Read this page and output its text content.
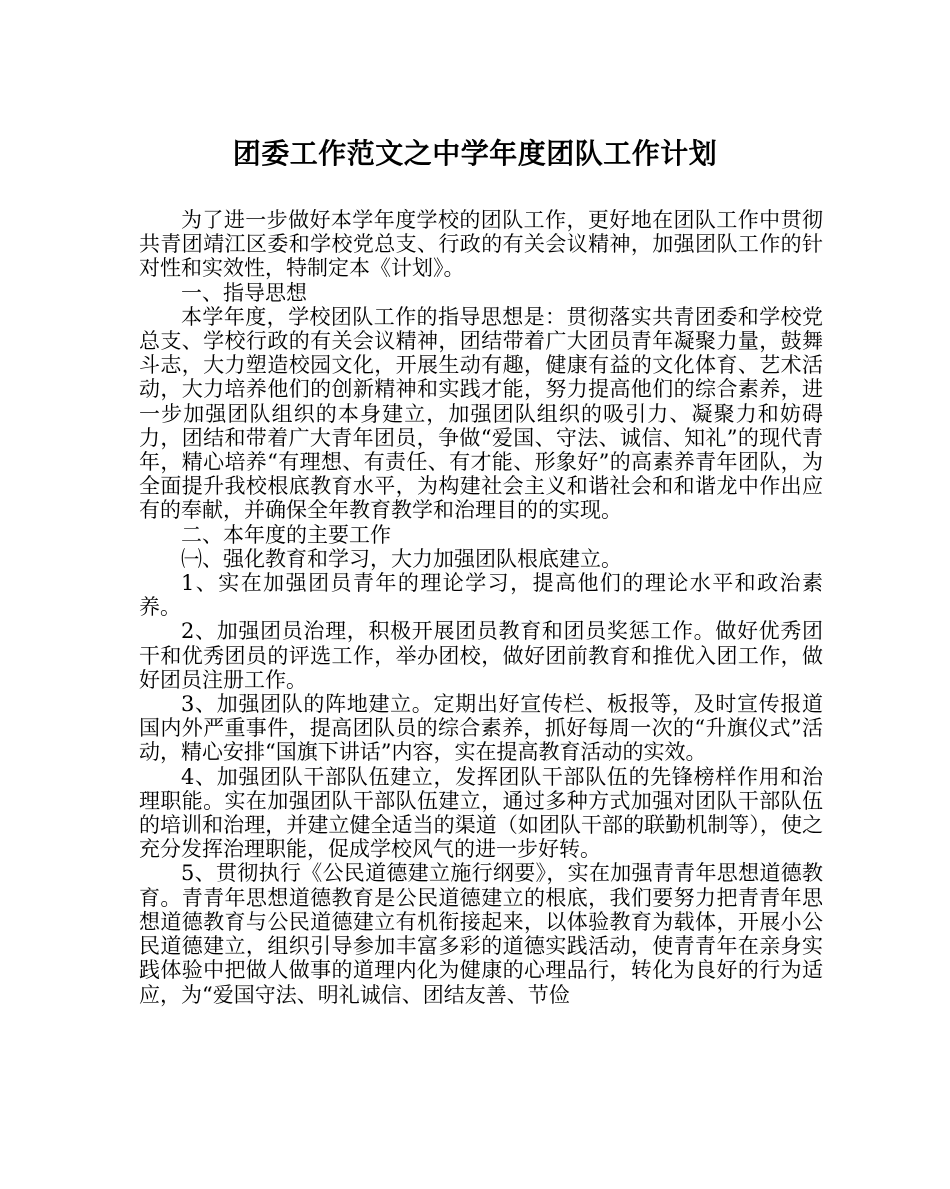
团委工作范文之中学年度团队工作计划

为了进一步做好本学年度学校的团队工作，更好地在团队工作中贯彻共青团靖江区委和学校党总支、行政的有关会议精神，加强团队工作的针对性和实效性，特制定本《计划》。

一、指导思想

本学年度，学校团队工作的指导思想是：贯彻落实共青团委和学校党总支、学校行政的有关会议精神，团结带着广大团员青年凝聚力量，鼓舞斗志，大力塑造校园文化，开展生动有趣，健康有益的文化体育、艺术活动，大力培养他们的创新精神和实践才能，努力提高他们的综合素养，进一步加强团队组织的本身建立，加强团队组织的吸引力、凝聚力和妨碍力，团结和带着广大青年团员，争做“爱国、守法、诚信、知礼”的现代青年，精心培养“有理想、有责任、有才能、形象好”的高素养青年团队，为全面提升我校根底教育水平，为构建社会主义和谐社会和和谐龙中作出应有的奉献，并确保全年教育教学和治理目的的实现。

二、本年度的主要工作

㈠、强化教育和学习，大力加强团队根底建立。

1、实在加强团员青年的理论学习，提高他们的理论水平和政治素养。

2、加强团员治理，积极开展团员教育和团员奖惩工作。做好优秀团干和优秀团员的评选工作，举办团校，做好团前教育和推优入团工作，做好团员注册工作。

3、加强团队的阵地建立。定期出好宣传栏、板报等，及时宣传报道国内外严重事件，提高团队员的综合素养，抓好每周一次的“升旗仪式”活动，精心安排“国旗下讲话”内容，实在提高教育活动的实效。

4、加强团队干部队伍建立，发挥团队干部队伍的先锋榜样作用和治理职能。实在加强团队干部队伍建立，通过多种方式加强对团队干部队伍的培训和治理，并建立健全适当的渠道（如团队干部的联勤机制等），使之充分发挥治理职能，促成学校风气的进一步好转。

5、贯彻执行《公民道德建立施行纲要》，实在加强青青年思想道德教育。青青年思想道德教育是公民道德建立的根底，我们要努力把青青年思想道德教育与公民道德建立有机衔接起来，以体验教育为载体，开展小公民道德建立，组织引导参加丰富多彩的道德实践活动，使青青年在亲身实践体验中把做人做事的道理内化为健康的心理品行，转化为良好的行为适应，为“爱国守法、明礼诚信、团结友善、节俭
